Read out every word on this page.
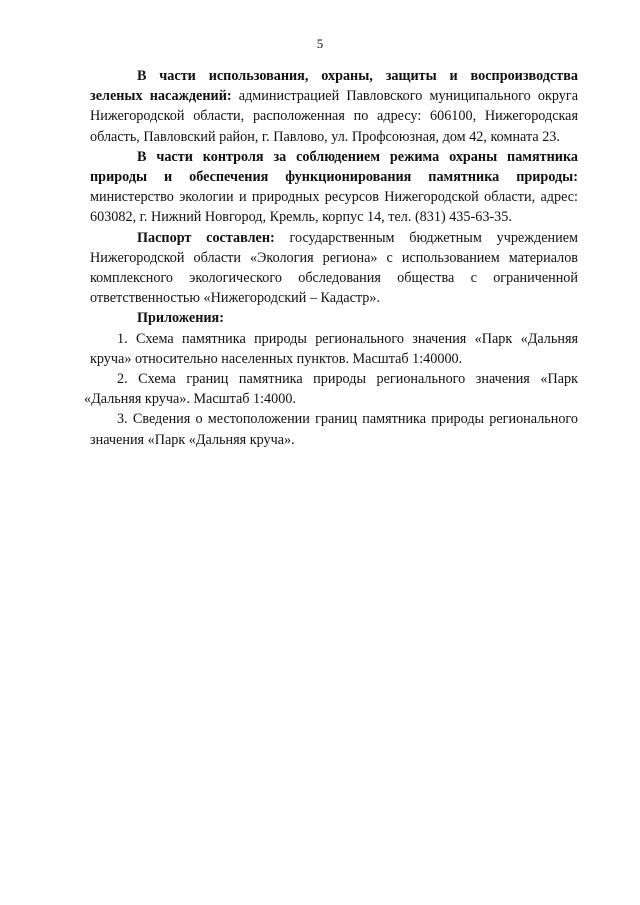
5

В части использования, охраны, защиты и воспроизводства зеленых насаждений: администрацией Павловского муниципального округа Нижегородской области, расположенная по адресу: 606100, Нижегородская область, Павловский район, г. Павлово, ул. Профсоюзная, дом 42, комната 23.

В части контроля за соблюдением режима охраны памятника природы и обеспечения функционирования памятника природы: министерство экологии и природных ресурсов Нижегородской области, адрес: 603082, г. Нижний Новгород, Кремль, корпус 14, тел. (831) 435-63-35.

Паспорт составлен: государственным бюджетным учреждением Нижегородской области «Экология региона» с использованием материалов комплексного экологического обследования общества с ограниченной ответственностью «Нижегородский – Кадастр».

Приложения:

1. Схема памятника природы регионального значения «Парк «Дальняя круча» относительно населенных пунктов. Масштаб 1:40000.

2. Схема границ памятника природы регионального значения «Парк «Дальняя круча». Масштаб 1:4000.

3. Сведения о местоположении границ памятника природы регионального значения «Парк «Дальняя круча».
